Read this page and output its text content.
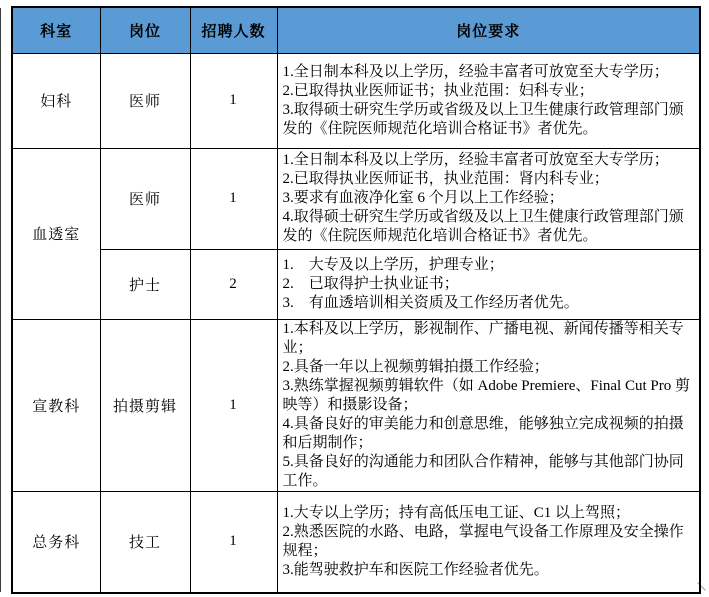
科室	岗位	招聘人数	岗位要求
妇科	医师	1	1.全日制本科及以上学历，经验丰富者可放宽至大专学历；
2.已取得执业医师证书；执业范围：妇科专业；
3.取得硕士研究生学历或省级及以上卫生健康行政管理部门颁发的《住院医师规范化培训合格证书》者优先。

血透室	医师	1	1.全日制本科及以上学历，经验丰富者可放宽至大专学历；
2.已取得执业医师证书，执业范围：肾内科专业；
3.要求有血液净化室 6 个月以上工作经验；
4.取得硕士研究生学历或省级及以上卫生健康行政管理部门颁发的《住院医师规范化培训合格证书》者优先。

	护士	2	1.　大专及以上学历，护理专业；
2.　已取得护士执业证书；
3.　有血透培训相关资质及工作经历者优先。

宣教科	拍摄剪辑	1	1.本科及以上学历，影视制作、广播电视、新闻传播等相关专业；
2.具备一年以上视频剪辑拍摄工作经验；
3.熟练掌握视频剪辑软件（如 Adobe Premiere、Final Cut Pro 剪映等）和摄影设备；
4.具备良好的审美能力和创意思维，能够独立完成视频的拍摄和后期制作；
5.具备良好的沟通能力和团队合作精神，能够与其他部门协同工作。

总务科	技工	1	1.大专以上学历；持有高低压电工证、C1 以上驾照；
2.熟悉医院的水路、电路，掌握电气设备工作原理及安全操作规程；
3.能驾驶救护车和医院工作经验者优先。
